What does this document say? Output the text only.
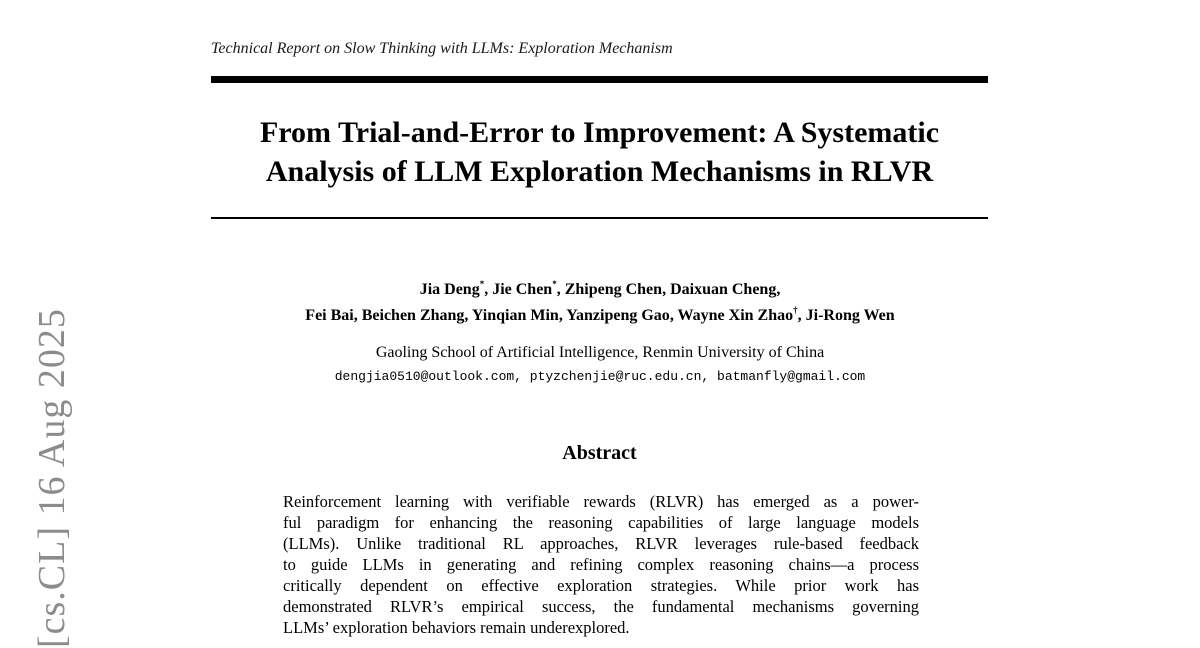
Technical Report on Slow Thinking with LLMs: Exploration Mechanism
From Trial-and-Error to Improvement: A Systematic
Analysis of LLM Exploration Mechanisms in RLVR
Jia Deng*, Jie Chen*, Zhipeng Chen, Daixuan Cheng,
Fei Bai, Beichen Zhang, Yinqian Min, Yanzipeng Gao, Wayne Xin Zhao†, Ji-Rong Wen
Gaoling School of Artificial Intelligence, Renmin University of China
dengjia0510@outlook.com, ptyzchenjie@ruc.edu.cn, batmanfly@gmail.com
Abstract
Reinforcement learning with verifiable rewards (RLVR) has emerged as a power-
ful paradigm for enhancing the reasoning capabilities of large language models
(LLMs). Unlike traditional RL approaches, RLVR leverages rule-based feedback
to guide LLMs in generating and refining complex reasoning chains—a process
critically dependent on effective exploration strategies. While prior work has
demonstrated RLVR’s empirical success, the fundamental mechanisms governing
LLMs’ exploration behaviors remain underexplored.
[cs.CL] 16 Aug 2025
